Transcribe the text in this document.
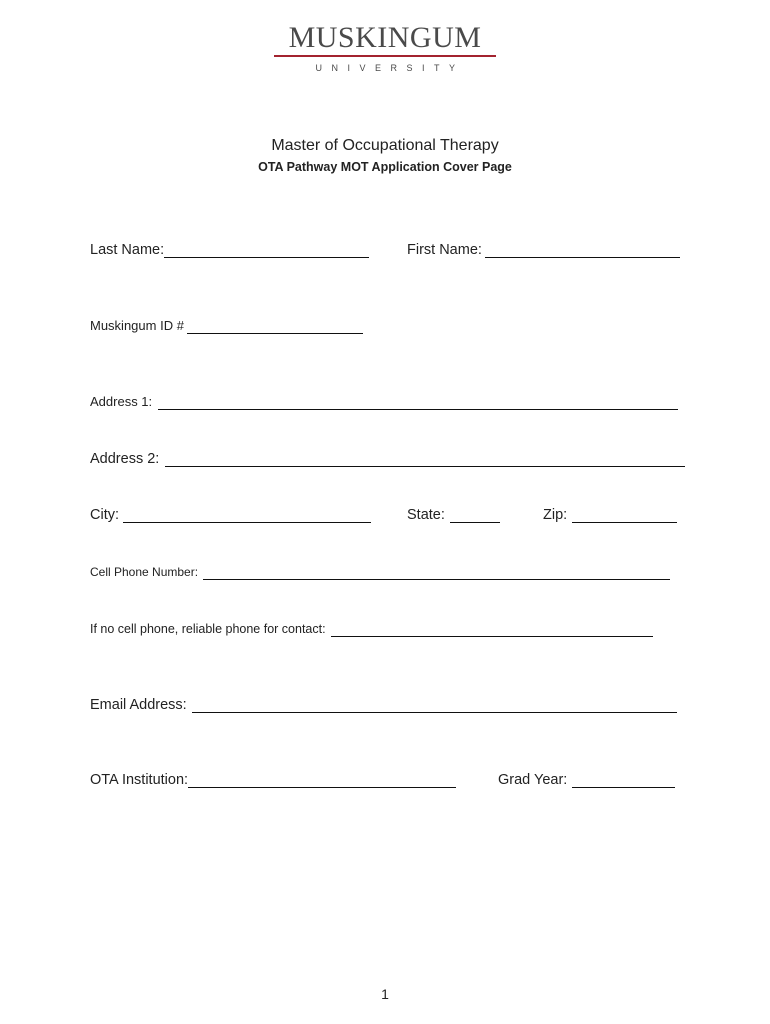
MUSKINGUM
UNIVERSITY
Master of Occupational Therapy
OTA Pathway MOT Application Cover Page
Last Name:	First Name:
Muskingum ID #
Address 1:
Address 2:
City:	State:	Zip:
Cell Phone Number:
If no cell phone, reliable phone for contact:
Email Address:
OTA Institution:	Grad Year:
1
